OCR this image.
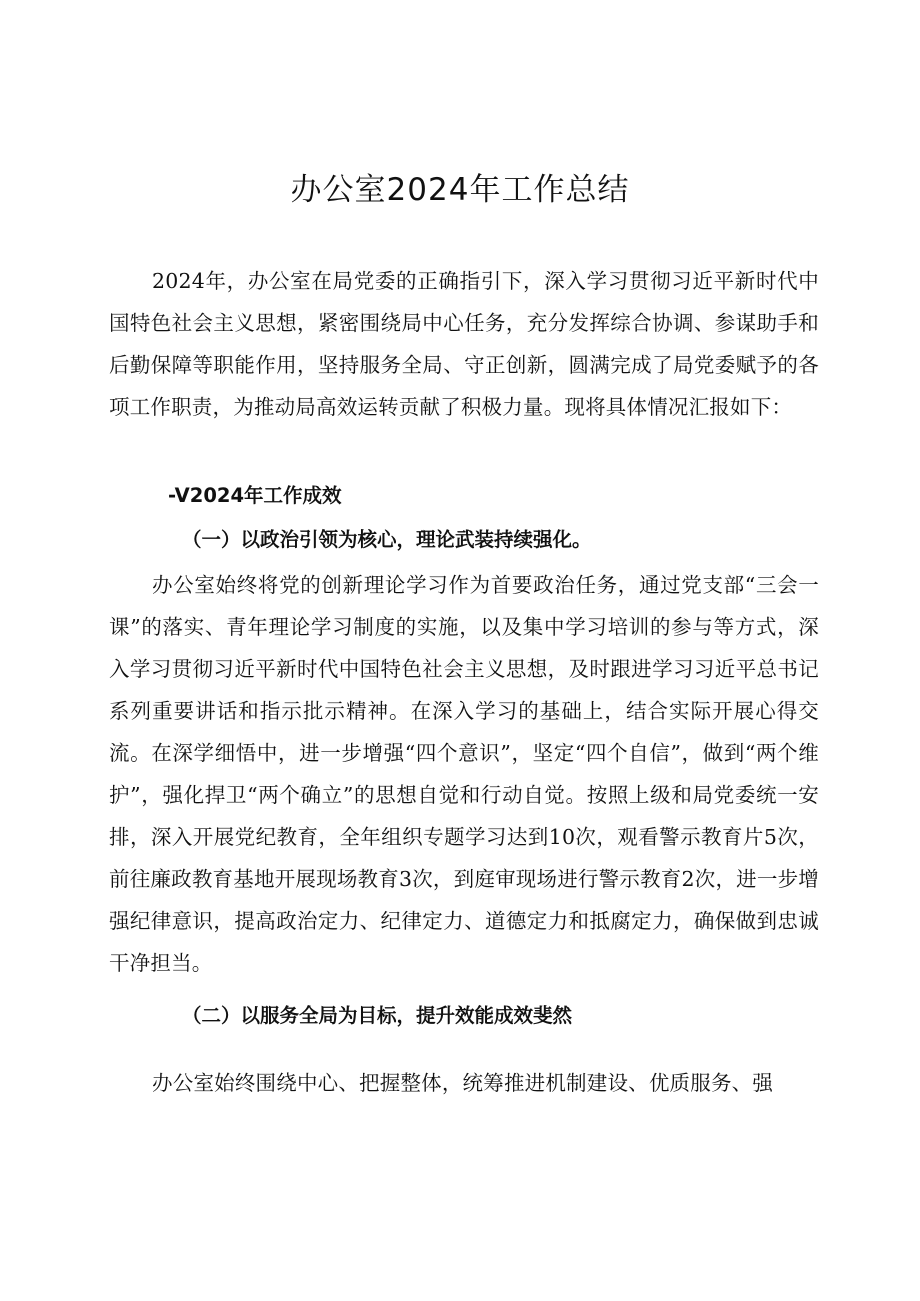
办公室2024年工作总结

2024年，办公室在局党委的正确指引下，深入学习贯彻习近平新时代中国特色社会主义思想，紧密围绕局中心任务，充分发挥综合协调、参谋助手和后勤保障等职能作用，坚持服务全局、守正创新，圆满完成了局党委赋予的各项工作职责，为推动局高效运转贡献了积极力量。现将具体情况汇报如下：

-V2024年工作成效
（一）以政治引领为核心，理论武装持续强化。

办公室始终将党的创新理论学习作为首要政治任务，通过党支部“三会一课”的落实、青年理论学习制度的实施，以及集中学习培训的参与等方式，深入学习贯彻习近平新时代中国特色社会主义思想，及时跟进学习习近平总书记系列重要讲话和指示批示精神。在深入学习的基础上，结合实际开展心得交流。在深学细悟中，进一步增强“四个意识”，坚定“四个自信”，做到“两个维护”，强化捍卫“两个确立”的思想自觉和行动自觉。按照上级和局党委统一安排，深入开展党纪教育，全年组织专题学习达到10次，观看警示教育片5次，前往廉政教育基地开展现场教育3次，到庭审现场进行警示教育2次，进一步增强纪律意识，提高政治定力、纪律定力、道德定力和抵腐定力，确保做到忠诚干净担当。

（二）以服务全局为目标，提升效能成效斐然

办公室始终围绕中心、把握整体，统筹推进机制建设、优质服务、强
